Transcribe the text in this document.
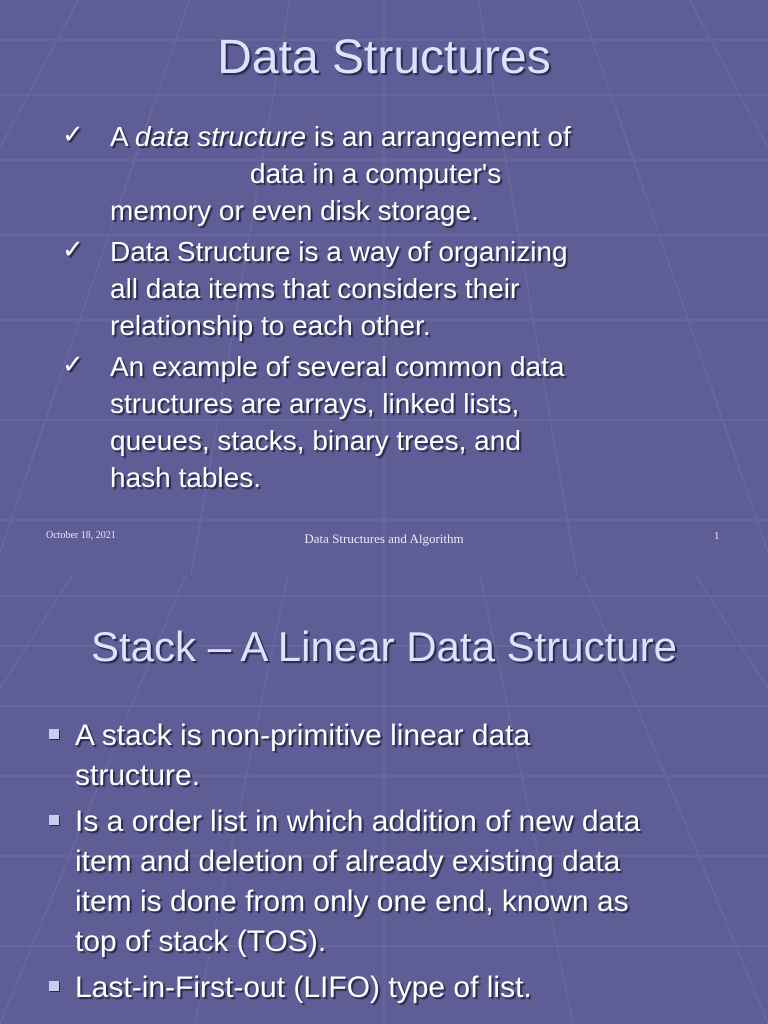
Data Structures
✓ A data structure is an arrangement of
data in a computer's
memory or even disk storage.
✓ Data Structure is a way of organizing
all data items that considers their
relationship to each other.
✓ An example of several common data
structures are arrays, linked lists,
queues, stacks, binary trees, and
hash tables.
October 18, 2021	Data Structures and Algorithm	1
Stack – A Linear Data Structure
A stack is non-primitive linear data
structure.
Is a order list in which addition of new data
item and deletion of already existing data
item is done from only one end, known as
top of stack (TOS).
Last-in-First-out (LIFO) type of list.
